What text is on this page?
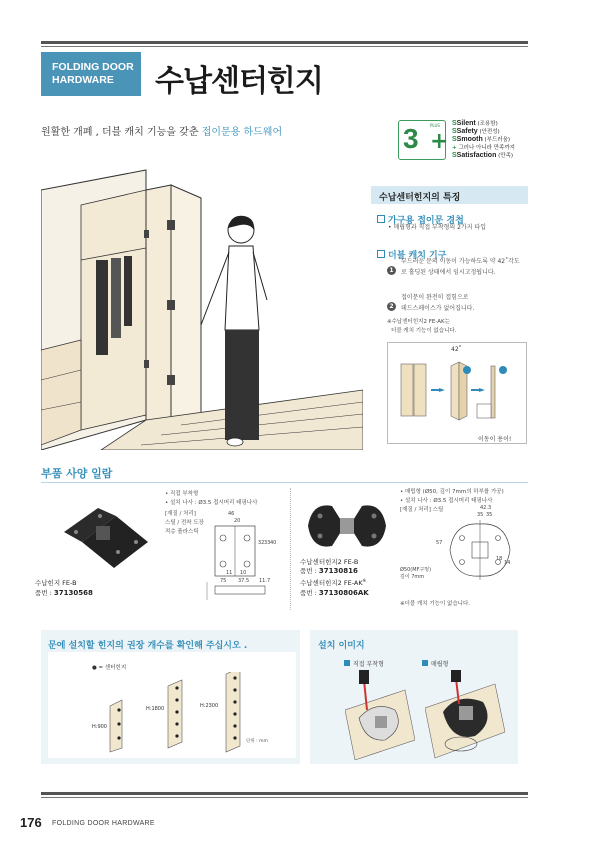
FOLDING DOOR
HARDWARE	수납센터힌지
원활한 개폐 , 더블 캐치 기능을 갖춘 접이문용 하드웨어	3 +
PLUS SSilent (조용함)
SSafety (안전성)
SSmooth (부드러움)
+ 그러나 아니라 만족까지
SSatisfaction (만족)
수납센터힌지의 특징
가구용 접이문 경첩
• 매립형과 직접 부착형의 2가지 타입
더블 캐치 기구
1
부드러운 문의 이동이 가능하도록 약 42˚각도
로 홀딩된 상태에서 임시고정됩니다.
2
접이문이 완전히 접힘으로
데드스페이스가 없어집니다.
※수납센터힌지2 FE-AK는
더블 캐치 기능이 없습니다.
42˚
이동이 용이!
부품 사양 일람
• 직접 부착형
• 설치 나사 : Ø3.5 접시머리 태핑나사
[재질 / 처리]
스틸 / 전착 도장
적층 플라스틱
46
20
33 40
32
75 37.5
11
11.7
10
수납힌지 FE-B
품번 : 37130568
수납센터힌지2 FE-B
품번 : 37130816
수납센터힌지2 FE-AK※
품번 : 37130806AK
• 매립형 (Ø50, 깊이 7mm의 하부를 가공)
• 설치 나사 : Ø3.5 접시머리 태핑나사
[재질 / 처리] 스틸	42.3
35 35
57
18
14
Ø50(MF구멍)
깊이 7mm
※더블 캐치 기능이 없습니다.
문에 설치할 힌지의 권장 개수를 확인해 주십시오 .
● = 센터힌지
H:900
H:1800	H:2300
단위 : mm
설치 이미지
직접 부착형	매립형
176 FOLDING DOOR HARDWARE
